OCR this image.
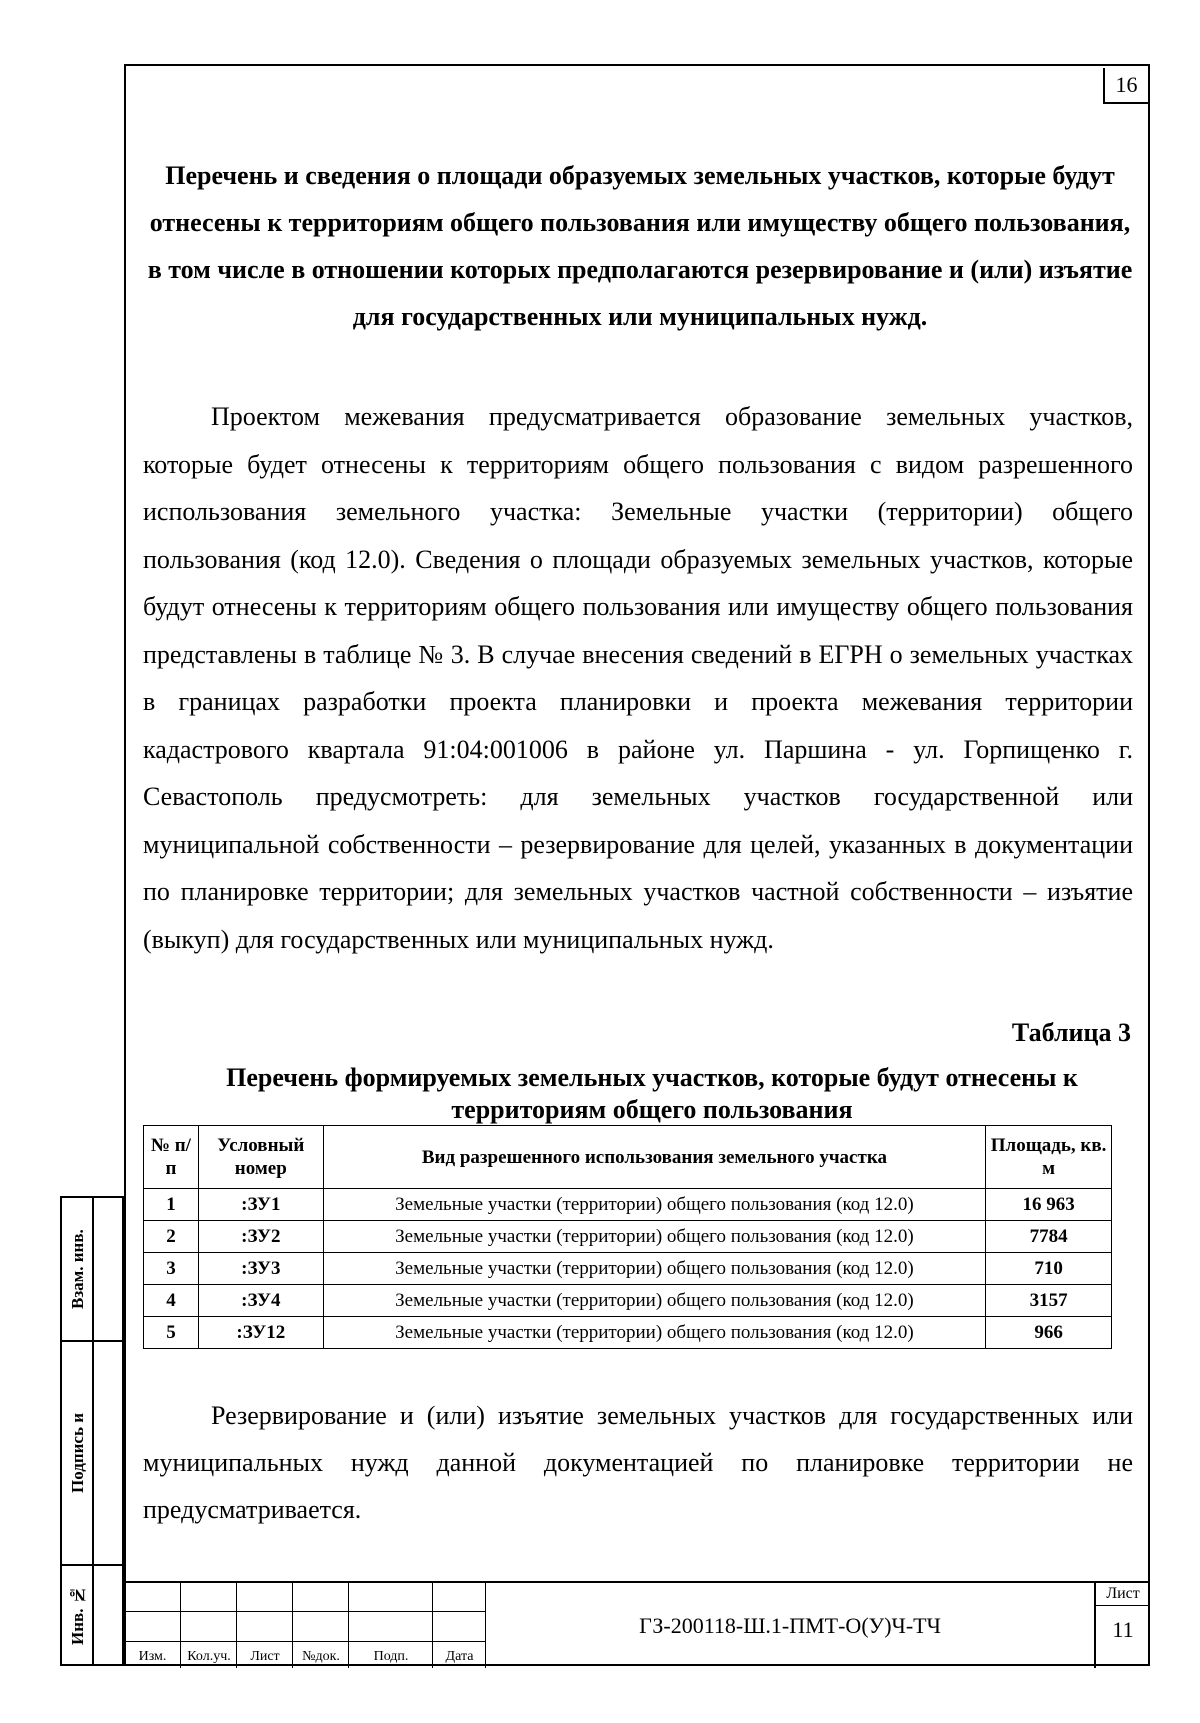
16
Перечень и сведения о площади образуемых земельных участков, которые будут отнесены к территориям общего пользования или имуществу общего пользования, в том числе в отношении которых предполагаются резервирование и (или) изъятие для государственных или муниципальных нужд.

Проектом межевания предусматривается образование земельных участков, которые будет отнесены к территориям общего пользования с видом разрешенного использования земельного участка: Земельные участки (территории) общего пользования (код 12.0). Сведения о площади образуемых земельных участков, которые будут отнесены к территориям общего пользования или имуществу общего пользования представлены в таблице № 3. В случае внесения сведений в ЕГРН о земельных участках в границах разработки проекта планировки и проекта межевания территории кадастрового квартала 91:04:001006 в районе ул. Паршина - ул. Горпищенко г. Севастополь предусмотреть: для земельных участков государственной или муниципальной собственности – резервирование для целей, указанных в документации по планировке территории; для земельных участков частной собственности – изъятие (выкуп) для государственных или муниципальных нужд.

Таблица 3
Перечень формируемых земельных участков, которые будут отнесены к территориям общего пользования
№ п/п	Условный номер	Вид разрешенного использования земельного участка	Площадь, кв. м
1	:ЗУ1	Земельные участки (территории) общего пользования (код 12.0)	16 963
2	:ЗУ2	Земельные участки (территории) общего пользования (код 12.0)	7784
3	:ЗУ3	Земельные участки (территории) общего пользования (код 12.0)	710
4	:ЗУ4	Земельные участки (территории) общего пользования (код 12.0)	3157
5	:ЗУ12	Земельные участки (территории) общего пользования (код 12.0)	966

Резервирование и (или) изъятие земельных участков для государственных или муниципальных нужд данной документацией по планировке территории не предусматривается.

Взам. инв.
Подпись и
Инв. №
Изм.	Кол.уч.	Лист	№док.	Подп.	Дата
ГЗ-200118-Ш.1-ПМТ-О(У)Ч-ТЧ
Лист
11
